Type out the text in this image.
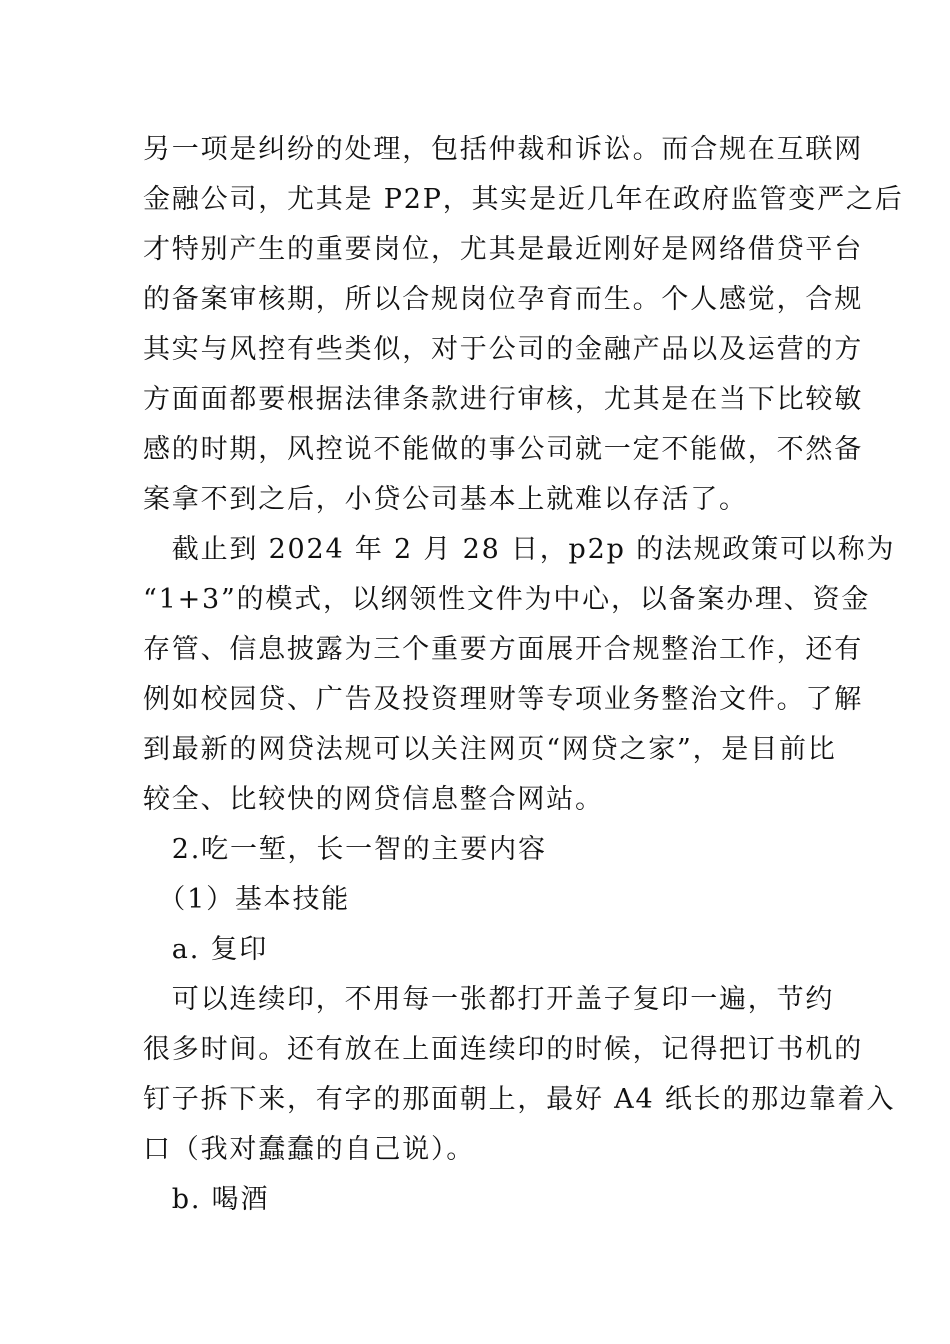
另一项是纠纷的处理，包括仲裁和诉讼。而合规在互联网
金融公司，尤其是 P2P，其实是近几年在政府监管变严之后
才特别产生的重要岗位，尤其是最近刚好是网络借贷平台
的备案审核期，所以合规岗位孕育而生。个人感觉，合规
其实与风控有些类似，对于公司的金融产品以及运营的方
方面面都要根据法律条款进行审核，尤其是在当下比较敏
感的时期，风控说不能做的事公司就一定不能做，不然备
案拿不到之后，小贷公司基本上就难以存活了。
　截止到 2024 年 2 月 28 日，p2p 的法规政策可以称为
“1+3”的模式，以纲领性文件为中心，以备案办理、资金
存管、信息披露为三个重要方面展开合规整治工作，还有
例如校园贷、广告及投资理财等专项业务整治文件。了解
到最新的网贷法规可以关注网页“网贷之家”，是目前比
较全、比较快的网贷信息整合网站。
　2.吃一堑，长一智的主要内容
　（1）基本技能
　a. 复印
　可以连续印，不用每一张都打开盖子复印一遍，节约
很多时间。还有放在上面连续印的时候，记得把订书机的
钉子拆下来，有字的那面朝上，最好 A4 纸长的那边靠着入
口（我对蠢蠢的自己说）。
　b. 喝酒
